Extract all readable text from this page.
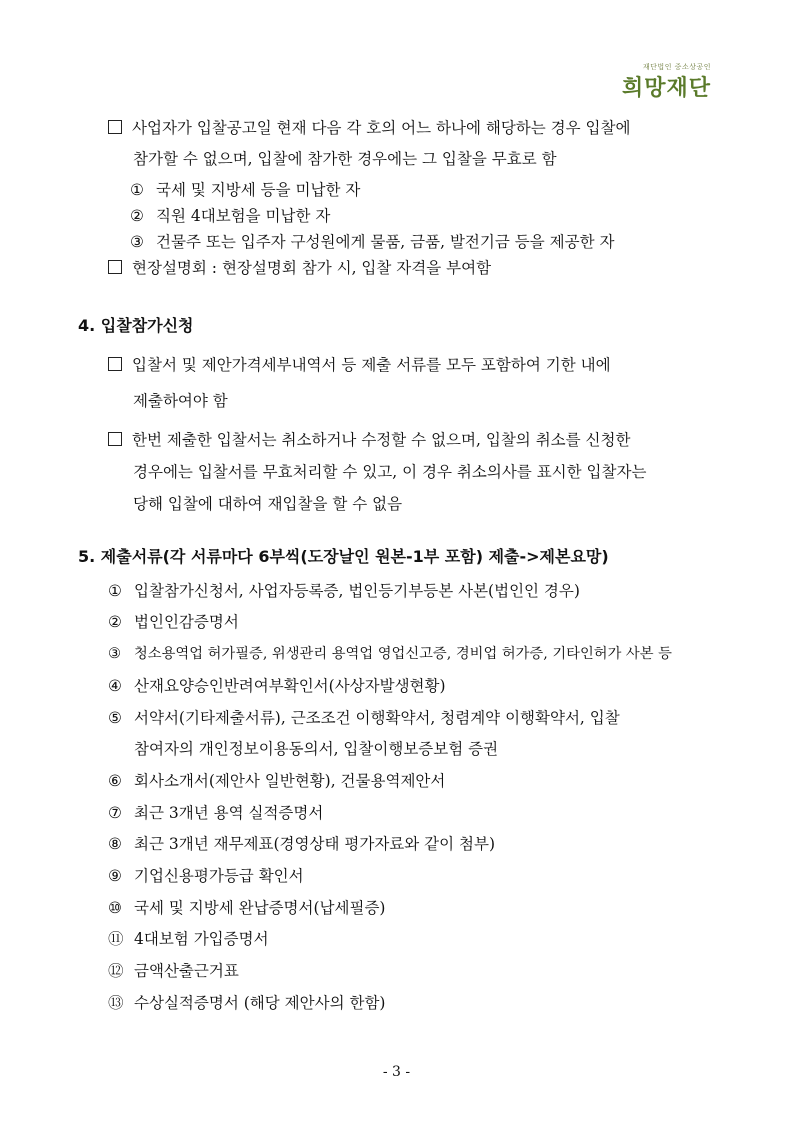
재단법인 중소상공인
희망재단
사업자가 입찰공고일 현재 다음 각 호의 어느 하나에 해당하는 경우 입찰에
참가할 수 없으며, 입찰에 참가한 경우에는 그 입찰을 무효로 함
① 국세 및 지방세 등을 미납한 자
② 직원 4대보험을 미납한 자
③ 건물주 또는 입주자 구성원에게 물품, 금품, 발전기금 등을 제공한 자
현장설명회 : 현장설명회 참가 시, 입찰 자격을 부여함
4. 입찰참가신청
입찰서 및 제안가격세부내역서 등 제출 서류를 모두 포함하여 기한 내에
제출하여야 함
한번 제출한 입찰서는 취소하거나 수정할 수 없으며, 입찰의 취소를 신청한
경우에는 입찰서를 무효처리할 수 있고, 이 경우 취소의사를 표시한 입찰자는
당해 입찰에 대하여 재입찰을 할 수 없음
5. 제출서류(각 서류마다 6부씩(도장날인 원본-1부 포함) 제출->제본요망)
① 입찰참가신청서, 사업자등록증, 법인등기부등본 사본(법인인 경우)
② 법인인감증명서
③ 청소용역업 허가필증, 위생관리 용역업 영업신고증, 경비업 허가증, 기타인허가 사본 등
④ 산재요양승인반려여부확인서(사상자발생현황)
⑤ 서약서(기타제출서류), 근조조건 이행확약서, 청렴계약 이행확약서, 입찰
참여자의 개인정보이용동의서, 입찰이행보증보험 증권
⑥ 회사소개서(제안사 일반현황), 건물용역제안서
⑦ 최근 3개년 용역 실적증명서
⑧ 최근 3개년 재무제표(경영상태 평가자료와 같이 첨부)
⑨ 기업신용평가등급 확인서
⑩ 국세 및 지방세 완납증명서(납세필증)
⑪ 4대보험 가입증명서
⑫ 금액산출근거표
⑬ 수상실적증명서 (해당 제안사의 한함)
- 3 -
